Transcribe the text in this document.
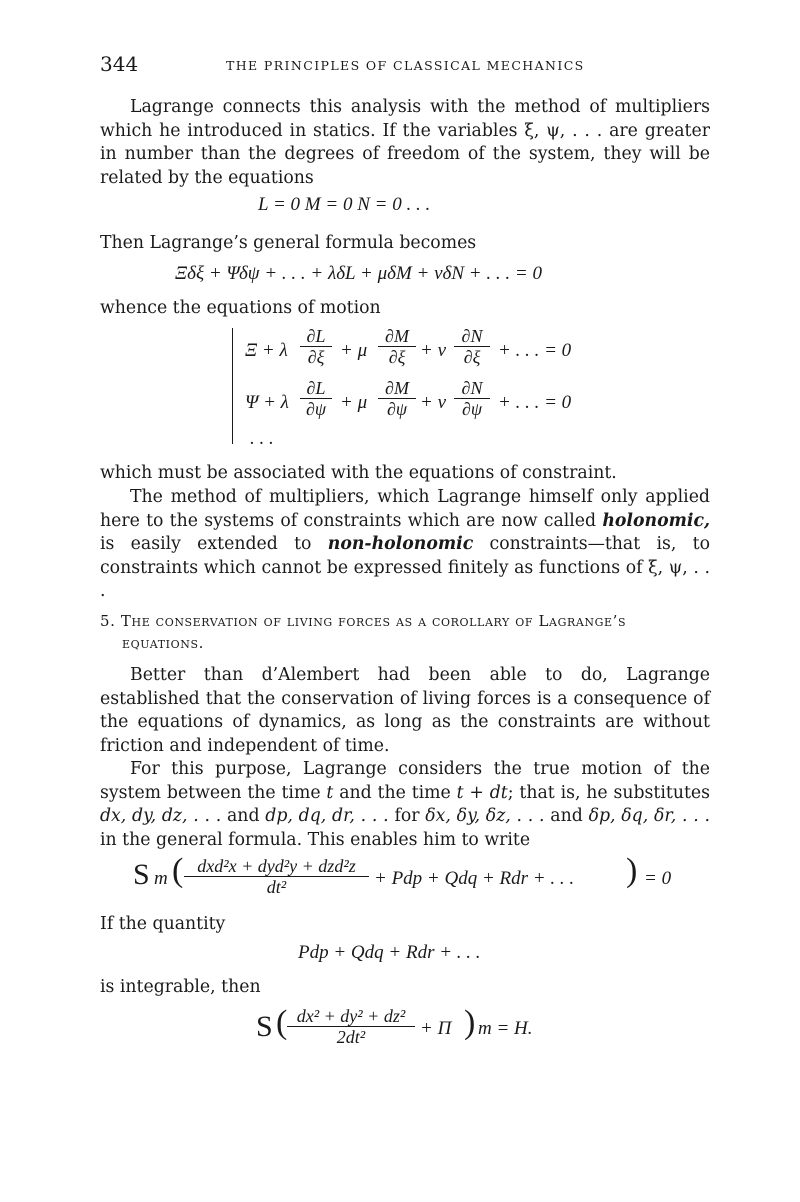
344	THE PRINCIPLES OF CLASSICAL MECHANICS

Lagrange connects this analysis with the method of multipliers which he introduced in statics. If the variables ξ, ψ, . . . are greater in number than the degrees of freedom of the system, they will be related by the equations

L = 0 M = 0 N = 0 . . .

Then Lagrange’s general formula becomes

Ξδξ + Ψδψ + . . . + λδL + μδM + νδN + . . . = 0

whence the equations of motion

Ξ + λ $\frac{\partial L}{\partial\xi} + \mu \frac{\partial M}{\partial\xi} + \nu \frac{\partial N}{\partial\xi}$ + . . . = 0
Ψ + λ $\frac{\partial L}{\partial\psi} + \mu \frac{\partial M}{\partial\psi} + \nu \frac{\partial N}{\partial\psi}$ + . . . = 0
. . .

which must be associated with the equations of constraint.

The method of multipliers, which Lagrange himself only applied here to the systems of constraints which are now called holonomic, is easily extended to non-holonomic constraints—that is, to constraints which cannot be expressed finitely as functions of ξ, ψ, . . .

5. The conservation of living forces as a corollary of Lagrange’s
equations.

Better than d’Alembert had been able to do, Lagrange established that the conservation of living forces is a consequence of the equations of dynamics, as long as the constraints are without friction and independent of time.

For this purpose, Lagrange considers the true motion of the system between the time t and the time t + dt; that is, he substitutes dx, dy, dz, . . . and dp, dq, dr, . . . for δx, δy, δz, . . . and δp, δq, δr, . . . in the general formula. This enables him to write

S m ( dxd²x + dyd²y + dzd²z
dt²	+ Pdp + Qdq + Rdr + . . . ) = 0

If the quantity

Pdp + Qdq + Rdr + . . .

is integrable, then

S ( $\frac{\text{dx² + dy² + dz²}}{\text{2dt²}} + \Pi$ ) m = H.
